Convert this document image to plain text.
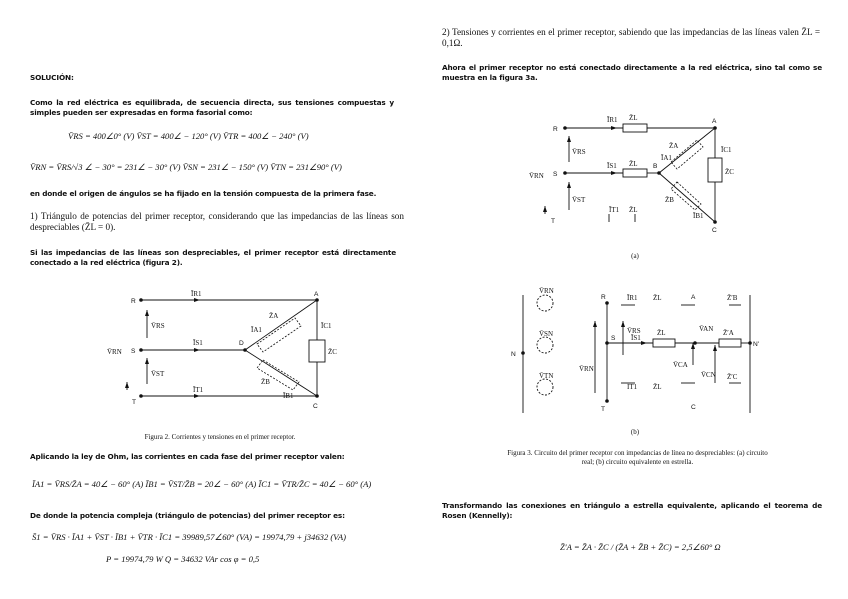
SOLUCIÓN:
Como la red eléctrica es equilibrada, de secuencia directa, sus tensiones compuestas y simples pueden ser expresadas en forma fasorial como:
V̄RS = 400∠0° (V) V̄ST = 400∠ − 120° (V) V̄TR = 400∠ − 240° (V)
V̄RN = V̄RS/√3 ∠ − 30° = 231∠ − 30° (V) V̄SN = 231∠ − 150° (V) V̄TN = 231∠90° (V)
en donde el origen de ángulos se ha fijado en la tensión compuesta de la primera fase.
1) Triángulo de potencias del primer receptor, considerando que las impedancias de las líneas son despreciables (Z̄L = 0).
Si las impedancias de las líneas son despreciables, el primer receptor está directamente conectado a la red eléctrica (figura 2).
R
S
T
A
D
C
ĪR1
ĪS1
ĪT1
V̄RS
V̄ST
V̄RN
Z̄A
Z̄B
Z̄C
ĪA1
ĪB1
ĪC1
Figura 2. Corrientes y tensiones en el primer receptor.
Aplicando la ley de Ohm, las corrientes en cada fase del primer receptor valen:
ĪA1 = V̄RS/Z̄A = 40∠ − 60° (A) ĪB1 = V̄ST/Z̄B = 20∠ − 60° (A) ĪC1 = V̄TR/Z̄C = 40∠ − 60° (A)
De donde la potencia compleja (triángulo de potencias) del primer receptor es:
S̄1 = V̄RS · ĪA1 + V̄ST · ĪB1 + V̄TR · ĪC1 = 39989,57∠60° (VA) = 19974,79 + j34632 (VA)
P = 19974,79 W Q = 34632 VAr cos φ = 0,5
2) Tensiones y corrientes en el primer receptor, sabiendo que las impedancias de las líneas valen Z̄L = 0,1Ω.
Ahora el primer receptor no está conectado directamente a la red eléctrica, sino tal como se muestra en la figura 3a.
R
S
T
A
B
C
ĪR1
ĪS1
ĪT1
Z̄L
Z̄L
Z̄L
V̄RS
V̄ST
V̄RN
Z̄A
Z̄B
Z̄C
ĪA1
ĪB1
ĪC1
(a)
N
N'
V̄RN
V̄SN
V̄TN
R
S
T
A
C
ĪR1
ĪS1
ĪT1
Z̄L
Z̄L
Z̄L
V̄RS
V̄RN
V̄AN
V̄CA
V̄CN
Z̄′B
Z̄′A
Z̄′C
(b)
Figura 3. Circuito del primer receptor con impedancias de línea no despreciables: (a) circuito real; (b) circuito equivalente en estrella.
Transformando las conexiones en triángulo a estrella equivalente, aplicando el teorema de Rosen (Kennelly):
Z̄′A = Z̄A · Z̄C / (Z̄A + Z̄B + Z̄C) = 2,5∠60° Ω
